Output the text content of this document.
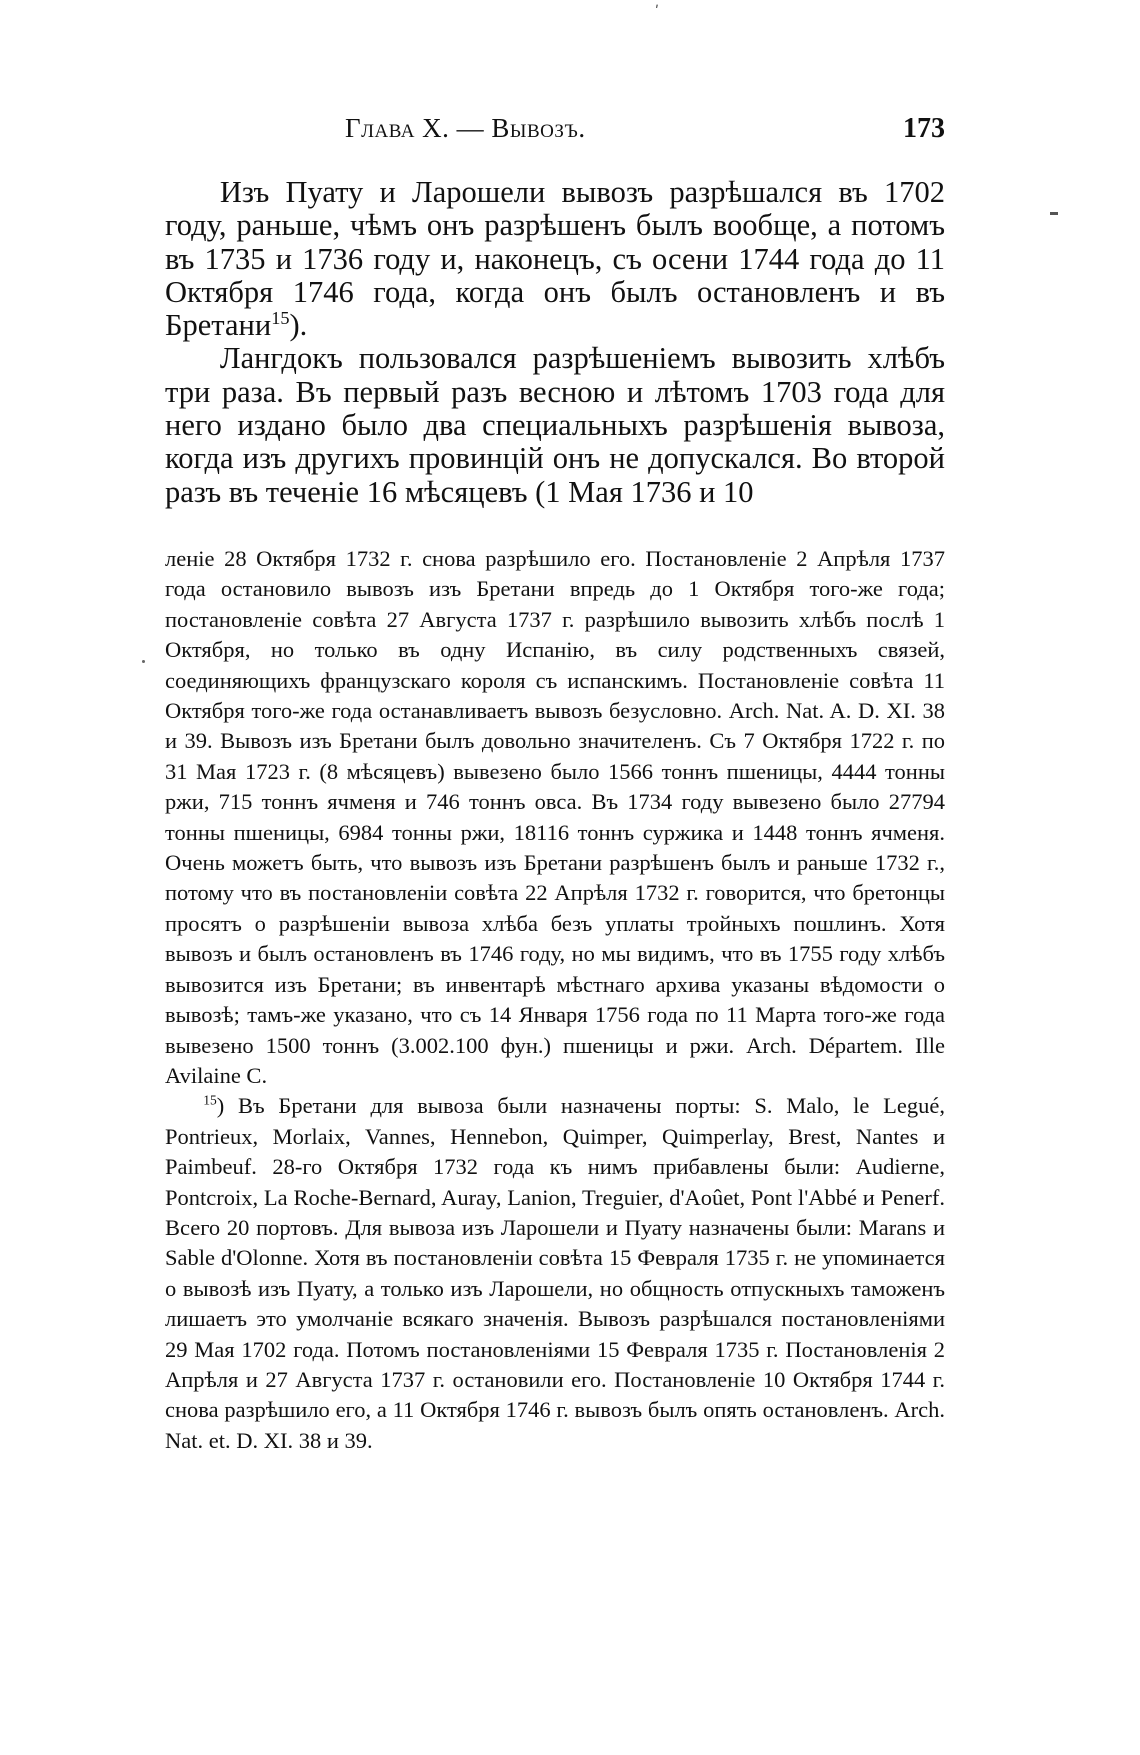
ʹ
Глава X. — Вывозъ.	173

Изъ Пуату и Ларошели вывозъ разрѣшался въ 1702 году, раньше, чѣмъ онъ разрѣшенъ былъ вообще, а потомъ въ 1735 и 1736 году и, наконецъ, съ осени 1744 года до 11 Октября 1746 года, когда онъ былъ остановленъ и въ Бретани$^{15}$).

Лангдокъ пользовался разрѣшеніемъ вывозить хлѣбъ три раза. Въ первый разъ весною и лѣтомъ 1703 года для него издано было два специальныхъ разрѣшенія вывоза, когда изъ другихъ провинцій онъ не допускался. Во второй разъ въ теченіе 16 мѣсяцевъ (1 Мая 1736 и 10

леніе 28 Октября 1732 г. снова разрѣшило его. Постановленіе 2 Апрѣля 1737 года остановило вывозъ изъ Бретани впредь до 1 Октября того-же года; постановленіе совѣта 27 Августа 1737 г. разрѣшило вывозить хлѣбъ послѣ 1 Октября, но только въ одну Испанію, въ силу родственныхъ связей, соединяющихъ французскаго короля съ испанскимъ. Постановленіе совѣта 11 Октября того-же года останавливаетъ вывозъ безусловно. Arch. Nat. A. D. XI. 38 и 39. Вывозъ изъ Бретани былъ довольно значителенъ. Съ 7 Октября 1722 г. по 31 Мая 1723 г. (8 мѣсяцевъ) вывезено было 1566 тоннъ пшеницы, 4444 тонны ржи, 715 тоннъ ячменя и 746 тоннъ овса. Въ 1734 году вывезено было 27794 тонны пшеницы, 6984 тонны ржи, 18116 тоннъ суржика и 1448 тоннъ ячменя. Очень можетъ быть, что вывозъ изъ Бретани разрѣшенъ былъ и раньше 1732 г., потому что въ постановленіи совѣта 22 Апрѣля 1732 г. говорится, что бретонцы просятъ о разрѣшеніи вывоза хлѣба безъ уплаты тройныхъ пошлинъ. Хотя вывозъ и былъ остановленъ въ 1746 году, но мы видимъ, что въ 1755 году хлѣбъ вывозится изъ Бретани; въ инвентарѣ мѣстнаго архива указаны вѣдомости о вывозѣ; тамъ-же указано, что съ 14 Января 1756 года по 11 Марта того-же года вывезено 1500 тоннъ (3.002.100 фун.) пшеницы и ржи. Arch. Départem. Ille Avilaine C.

$^{15}$) Въ Бретани для вывоза были назначены порты: S. Malo, le Legué, Pontrieux, Morlaix, Vannes, Hennebon, Quimper, Quimperlay, Brest, Nantes и Paimbeuf. 28-го Октября 1732 года къ нимъ прибавлены были: Audierne, Pontcroix, La Roche-Bernard, Auray, Lanion, Treguier, d'Aoûet, Pont l'Abbé и Penerf. Всего 20 портовъ. Для вывоза изъ Ларошели и Пуату назначены были: Marans и Sable d'Olonne. Хотя въ постановленіи совѣта 15 Февраля 1735 г. не упоминается о вывозѣ изъ Пуату, а только изъ Ларошели, но общность отпускныхъ таможенъ лишаетъ это умолчаніе всякаго значенія. Вывозъ разрѣшался постановленіями 29 Мая 1702 года. Потомъ постановленіями 15 Февраля 1735 г. Постановленія 2 Апрѣля и 27 Августа 1737 г. остановили его. Постановленіе 10 Октября 1744 г. снова разрѣшило его, а 11 Октября 1746 г. вывозъ былъ опять остановленъ. Arch. Nat. et. D. XI. 38 и 39.
